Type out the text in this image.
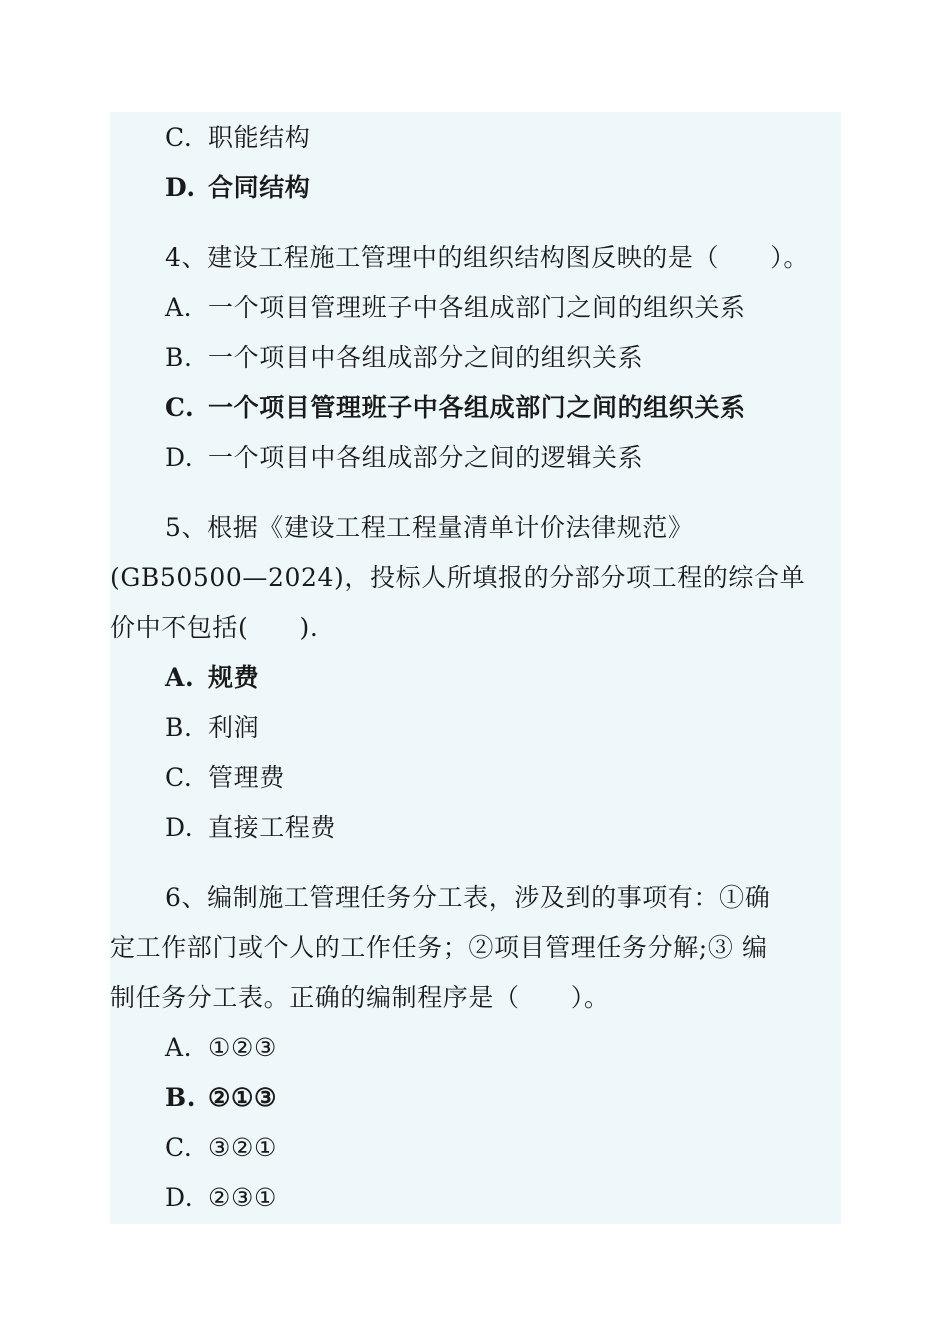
C. 职能结构
D. 合同结构
4、建设工程施工管理中的组织结构图反映的是（　　）。
A. 一个项目管理班子中各组成部门之间的组织关系
B. 一个项目中各组成部分之间的组织关系
C. 一个项目管理班子中各组成部门之间的组织关系
D. 一个项目中各组成部分之间的逻辑关系
5、根据《建设工程工程量清单计价法律规范》
(GB50500—2024)，投标人所填报的分部分项工程的综合单
价中不包括(　　).
A. 规费
B. 利润
C. 管理费
D. 直接工程费
6、编制施工管理任务分工表，涉及到的事项有：①确
定工作部门或个人的工作任务；②项目管理任务分解;③ 编
制任务分工表。正确的编制程序是（　　）。
A. ①②③
B. ②①③
C. ③②①
D. ②③①
